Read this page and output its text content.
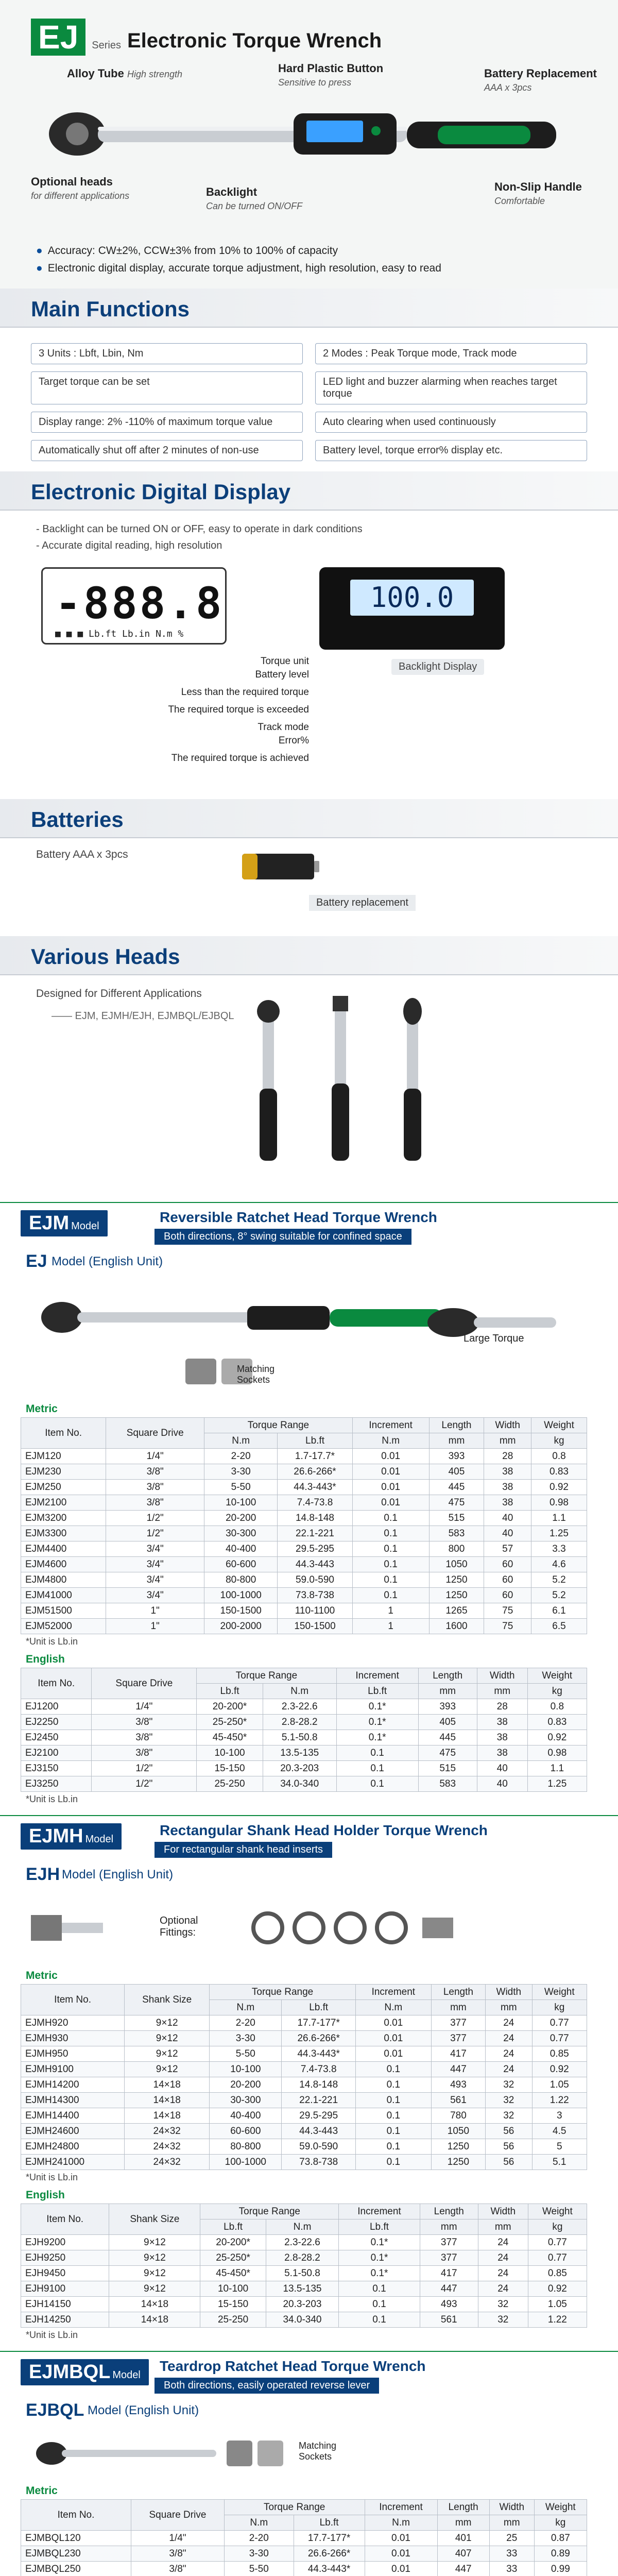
EJ	Series Electronic Torque Wrench
Alloy Tube High strength	Hard Plastic Button
Sensitive to press
Battery Replacement
AAA x 3pcs
Optional heads
for different applications	Backlight
Can be turned ON/OFF
Non-Slip Handle
Comfortable
● Accuracy: CW±2%, CCW±3% from 10% to 100% of capacity
● Electronic digital display, accurate torque adjustment, high resolution, easy to read
Main Functions
3 Units : Lbft, Lbin, Nm	2 Modes : Peak Torque mode, Track mode
Target torque can be set	LED light and buzzer alarming when reaches target torque
Display range: 2% -110% of maximum torque value	Auto clearing when used continuously
Automatically shut off after 2 minutes of non-use	Battery level, torque error% display etc.
Electronic Digital Display
- Backlight can be turned ON or OFF, easy to operate in dark conditions
- Accurate digital reading, high resolution
-888.8
■ ■ ■ Lb.ft Lb.in N.m %
100.0
Backlight Display
Torque unit
Battery level
Less than the required torque
The required torque is exceeded
Track mode
Error%
The required torque is achieved
Batteries
Battery AAA x 3pcs
Battery replacement
Various Heads
Designed for Different Applications
—— EJM, EJMH/EJH, EJMBQL/EJBQL
EJM Model
Reversible Ratchet Head Torque Wrench
Both directions, 8° swing suitable for confined space
EJ Model (English Unit)
Large Torque
Matching Sockets
Metric
Item No.	Square Drive	Torque Range		Increment	Length	Width	Weight
		N.m	Lb.ft	N.m	mm	mm	kg
EJM120	1/4"	2-20	1.7-17.7*	0.01	393	28	0.8
EJM230	3/8"	3-30	26.6-266*	0.01	405	38	0.83
EJM250	3/8"	5-50	44.3-443*	0.01	445	38	0.92
EJM2100	3/8"	10-100	7.4-73.8	0.01	475	38	0.98
EJM3200	1/2"	20-200	14.8-148	0.1	515	40	1.1
EJM3300	1/2"	30-300	22.1-221	0.1	583	40	1.25
EJM4400	3/4"	40-400	29.5-295	0.1	800	57	3.3
EJM4600	3/4"	60-600	44.3-443	0.1	1050	60	4.6
EJM4800	3/4"	80-800	59.0-590	0.1	1250	60	5.2
EJM41000	3/4"	100-1000	73.8-738	0.1	1250	60	5.2
EJM51500	1"	150-1500	110-1100	1	1265	75	6.1
EJM52000	1"	200-2000	150-1500	1	1600	75	6.5
*Unit is Lb.in
English
Item No.	Square Drive	Torque Range		Increment	Length	Width	Weight
		Lb.ft	N.m	Lb.ft	mm	mm	kg
EJ1200	1/4"	20-200*	2.3-22.6	0.1*	393	28	0.8
EJ2250	3/8"	25-250*	2.8-28.2	0.1*	405	38	0.83
EJ2450	3/8"	45-450*	5.1-50.8	0.1*	445	38	0.92
EJ2100	3/8"	10-100	13.5-135	0.1	475	38	0.98
EJ3150	1/2"	15-150	20.3-203	0.1	515	40	1.1
EJ3250	1/2"	25-250	34.0-340	0.1	583	40	1.25
*Unit is Lb.in
EJMH Model
Rectangular Shank Head Holder Torque Wrench
For rectangular shank head inserts
EJH Model (English Unit)
Optional Fittings:
Metric
Item No.	Shank Size	Torque Range		Increment	Length	Width	Weight
		N.m	Lb.ft	N.m	mm	mm	kg
EJMH920	9×12	2-20	17.7-177*	0.01	377	24	0.77
EJMH930	9×12	3-30	26.6-266*	0.01	377	24	0.77
EJMH950	9×12	5-50	44.3-443*	0.01	417	24	0.85
EJMH9100	9×12	10-100	7.4-73.8	0.1	447	24	0.92
EJMH14200	14×18	20-200	14.8-148	0.1	493	32	1.05
EJMH14300	14×18	30-300	22.1-221	0.1	561	32	1.22
EJMH14400	14×18	40-400	29.5-295	0.1	780	32	3
EJMH24600	24×32	60-600	44.3-443	0.1	1050	56	4.5
EJMH24800	24×32	80-800	59.0-590	0.1	1250	56	5
EJMH241000	24×32	100-1000	73.8-738	0.1	1250	56	5.1
*Unit is Lb.in
English
Item No.	Shank Size	Torque Range		Increment	Length	Width	Weight
		Lb.ft	N.m	Lb.ft	mm	mm	kg
EJH9200	9×12	20-200*	2.3-22.6	0.1*	377	24	0.77
EJH9250	9×12	25-250*	2.8-28.2	0.1*	377	24	0.77
EJH9450	9×12	45-450*	5.1-50.8	0.1*	417	24	0.85
EJH9100	9×12	10-100	13.5-135	0.1	447	24	0.92
EJH14150	14×18	15-150	20.3-203	0.1	493	32	1.05
EJH14250	14×18	25-250	34.0-340	0.1	561	32	1.22
*Unit is Lb.in
EJMBQL Model
Teardrop Ratchet Head Torque Wrench
Both directions, easily operated reverse lever
EJBQL Model (English Unit)
Matching Sockets
Metric
Item No.	Square Drive	Torque Range		Increment	Length	Width	Weight
		N.m	Lb.ft	N.m	mm	mm	kg
EJMBQL120	1/4"	2-20	17.7-177*	0.01	401	25	0.87
EJMBQL230	3/8"	3-30	26.6-266*	0.01	407	33	0.89
EJMBQL250	3/8"	5-50	44.3-443*	0.01	447	33	0.99
